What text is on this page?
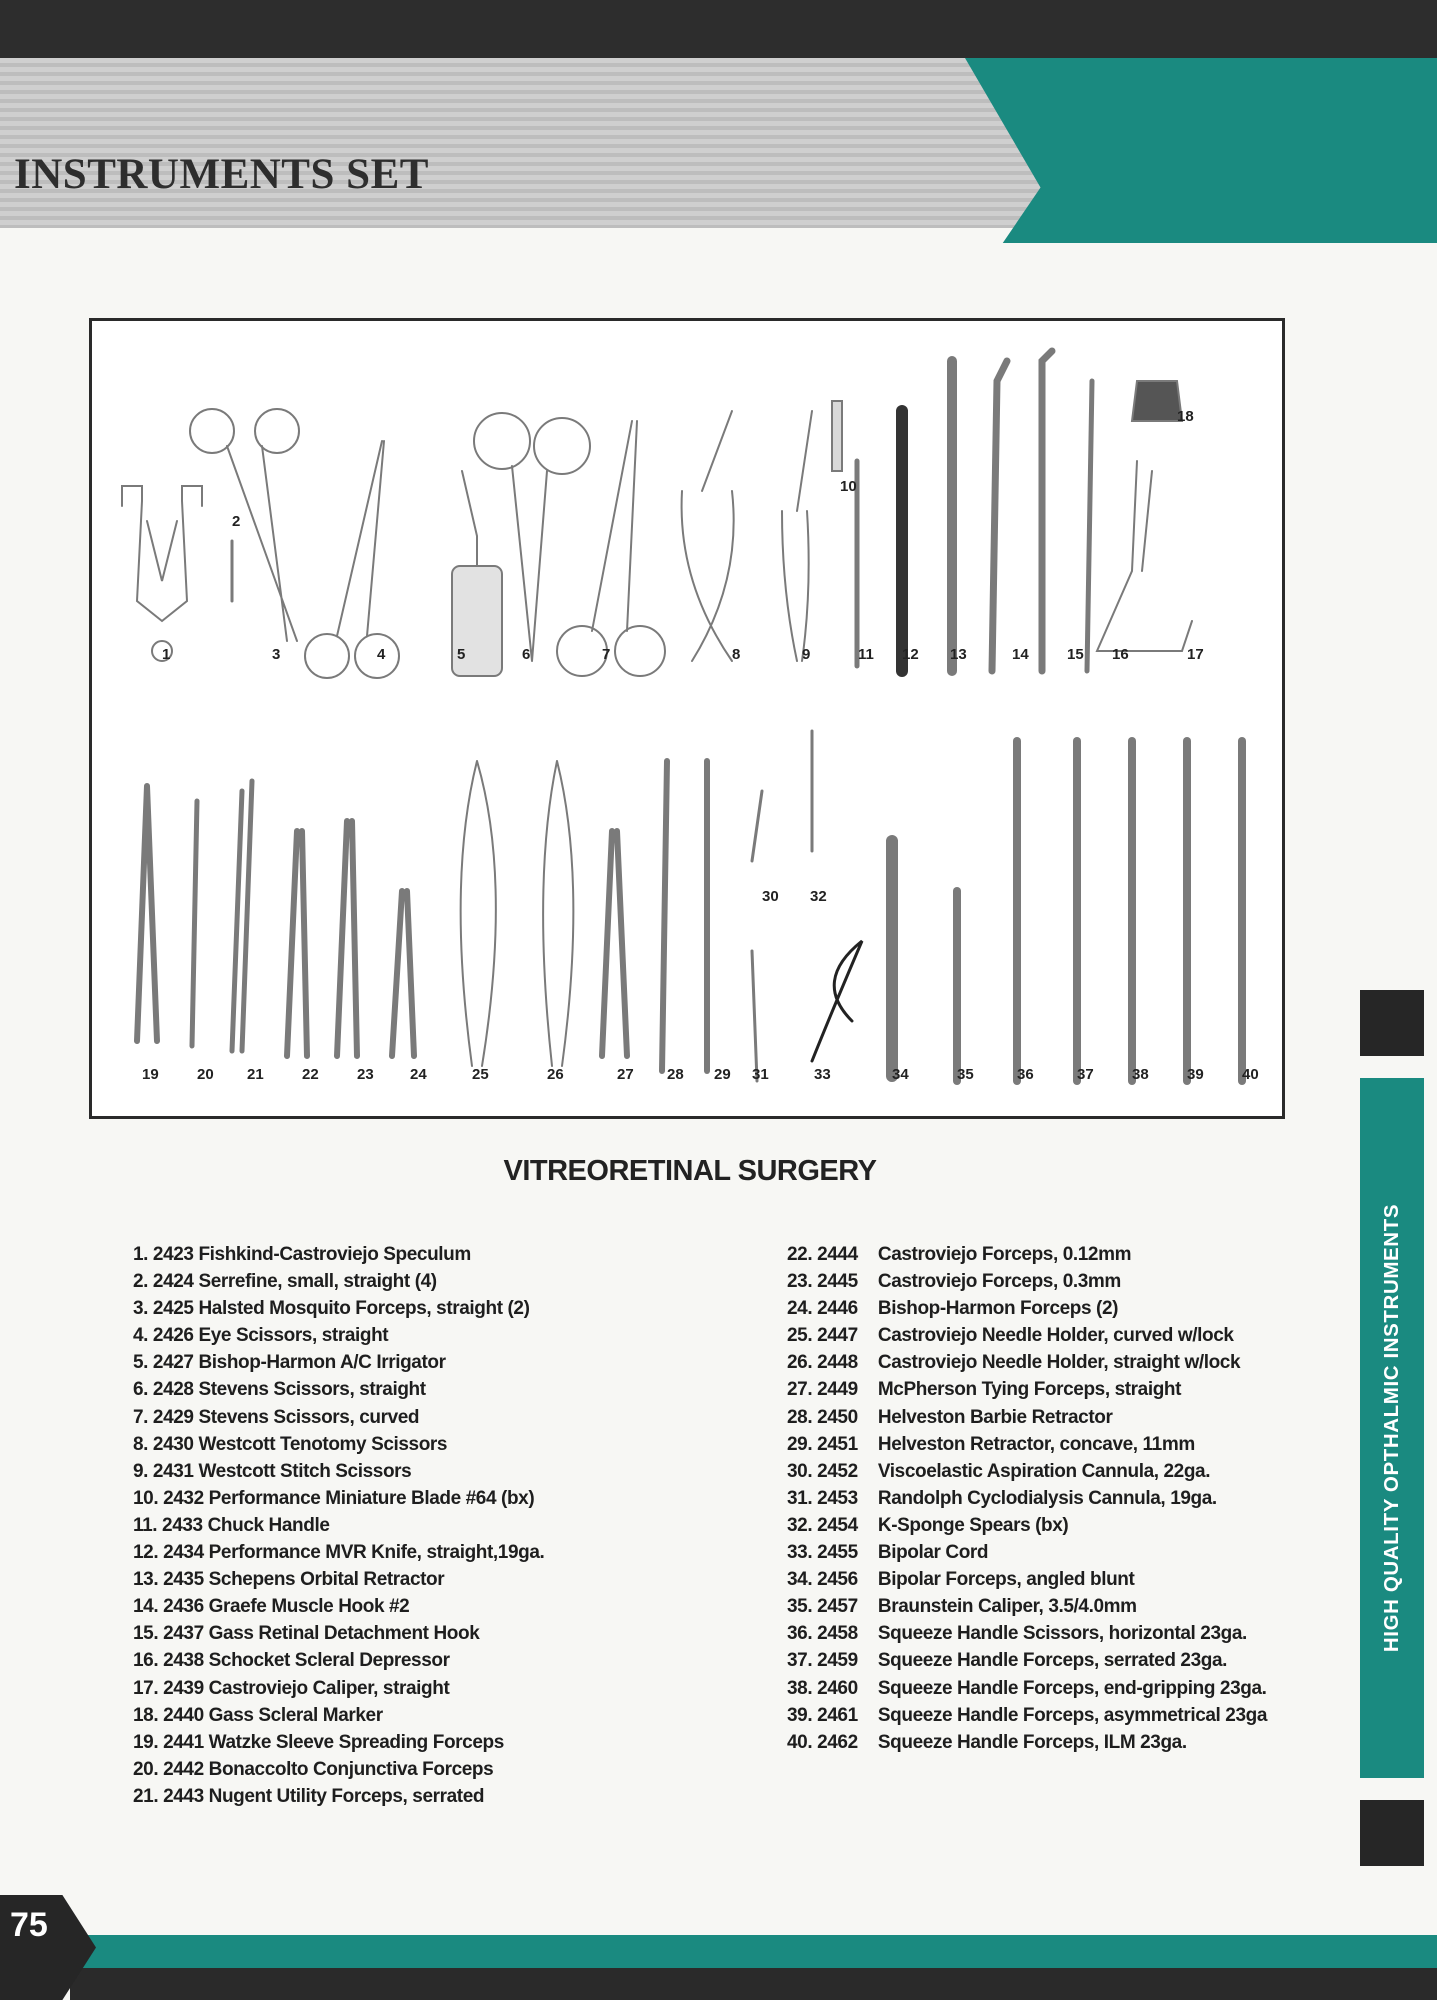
INSTRUMENTS SET
1
2
3	4	5	6	7	8	9
10
11 12 13	14	15 16	17
18
19	20 21	22	23 24	25	26	27 28 29
30
31
32
33	34	35	36	37	38	39	40
VITREORETINAL SURGERY
1. 2423 Fishkind-Castroviejo Speculum
2. 2424 Serrefine, small, straight (4)
3. 2425 Halsted Mosquito Forceps, straight (2)
4. 2426 Eye Scissors, straight
5. 2427 Bishop-Harmon A/C Irrigator
6. 2428 Stevens Scissors, straight
7. 2429 Stevens Scissors, curved
8. 2430 Westcott Tenotomy Scissors
9. 2431 Westcott Stitch Scissors
10. 2432 Performance Miniature Blade #64 (bx)
11. 2433 Chuck Handle
12. 2434 Performance MVR Knife, straight,19ga.
13. 2435 Schepens Orbital Retractor
14. 2436 Graefe Muscle Hook #2
15. 2437 Gass Retinal Detachment Hook
16. 2438 Schocket Scleral Depressor
17. 2439 Castroviejo Caliper, straight
18. 2440 Gass Scleral Marker
19. 2441 Watzke Sleeve Spreading Forceps
20. 2442 Bonaccolto Conjunctiva Forceps
21. 2443 Nugent Utility Forceps, serrated
22. 2444 Castroviejo Forceps, 0.12mm
23. 2445 Castroviejo Forceps, 0.3mm
24. 2446 Bishop-Harmon Forceps (2)
25. 2447 Castroviejo Needle Holder, curved w/lock
26. 2448 Castroviejo Needle Holder, straight w/lock
27. 2449 McPherson Tying Forceps, straight
28. 2450 Helveston Barbie Retractor
29. 2451 Helveston Retractor, concave, 11mm
30. 2452 Viscoelastic Aspiration Cannula, 22ga.
31. 2453 Randolph Cyclodialysis Cannula, 19ga.
32. 2454 K-Sponge Spears (bx)
33. 2455 Bipolar Cord
34. 2456 Bipolar Forceps, angled blunt
35. 2457 Braunstein Caliper, 3.5/4.0mm
36. 2458 Squeeze Handle Scissors, horizontal 23ga.
37. 2459 Squeeze Handle Forceps, serrated 23ga.
38. 2460 Squeeze Handle Forceps, end-gripping 23ga.
39. 2461 Squeeze Handle Forceps, asymmetrical 23ga
40. 2462 Squeeze Handle Forceps, ILM 23ga.
HIGH QUALITY OPTHALMIC INSTRUMENTS
75
